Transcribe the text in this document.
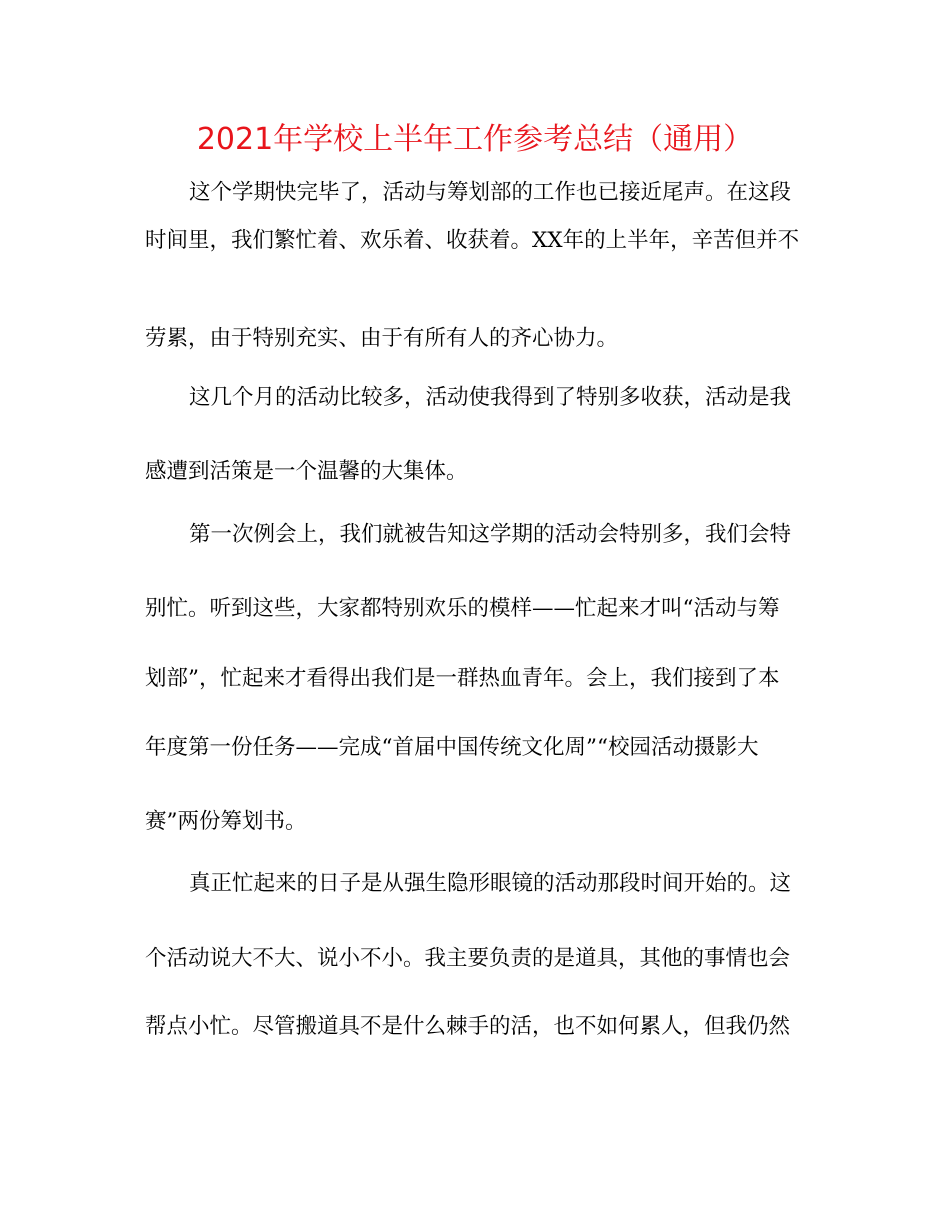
2021年学校上半年工作参考总结（通用）
这个学期快完毕了，活动与筹划部的工作也已接近尾声。在这段
时间里，我们繁忙着、欢乐着、收获着。XX年的上半年，辛苦但并不
劳累，由于特别充实、由于有所有人的齐心协力。
这几个月的活动比较多，活动使我得到了特别多收获，活动是我
感遭到活策是一个温馨的大集体。
第一次例会上，我们就被告知这学期的活动会特别多，我们会特
别忙。听到这些，大家都特别欢乐的模样——忙起来才叫“活动与筹
划部”，忙起来才看得出我们是一群热血青年。会上，我们接到了本
年度第一份任务——完成“首届中国传统文化周”“校园活动摄影大
赛”两份筹划书。
真正忙起来的日子是从强生隐形眼镜的活动那段时间开始的。这
个活动说大不大、说小不小。我主要负责的是道具，其他的事情也会
帮点小忙。尽管搬道具不是什么棘手的活，也不如何累人，但我仍然
